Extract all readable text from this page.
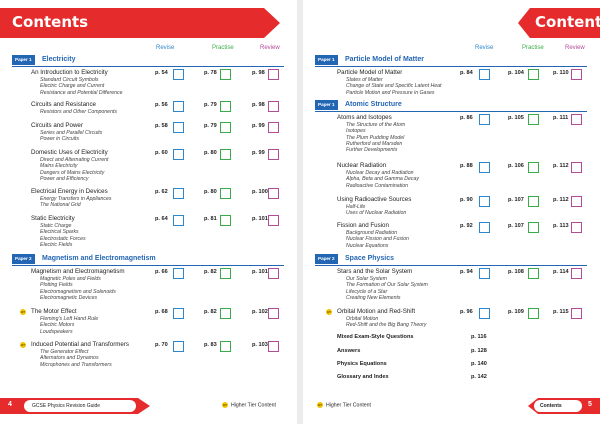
Contents
Revise	Practise	Review
Paper 1	Electricity
Paper 2	Magnetism and Electromagnetism
An Introduction to Electricity
Standard Circuit Symbols
Electric Charge and Current
Resistance and Potential Difference
p. 54	p. 78	p. 98
Circuits and Resistance
Resistors and Other Components
p. 56	p. 79	p. 98
Circuits and Power
Series and Parallel Circuits
Power in Circuits
p. 58	p. 79	p. 99
Domestic Uses of Electricity
Direct and Alternating Current
Mains Electricity
Dangers of Mains Electricity
Power and Efficiency
p. 60	p. 80	p. 99
Electrical Energy in Devices
Energy Transfers in Appliances
The National Grid
p. 62	p. 80	p. 100
Static Electricity
Static Charge
Electrical Sparks
Electrostatic Forces
Electric Fields
p. 64	p. 81	p. 101
Magnetism and Electromagnetism
Magnetic Poles and Fields
Plotting Fields
Electromagnetism and Solenoids
Electromagnetic Devices
p. 66	p. 82	p. 101
HT The Motor Effect
Fleming’s Left Hand Rule
Electric Motors
Loudspeakers
p. 68	p. 82	p. 102
HT Induced Potential and Transformers
The Generator Effect
Alternators and Dynamos
Microphones and Transformers
p. 70	p. 83	p. 103
4	GCSE Physics Revision Guide	HT Higher Tier Content
Contents
Revise	Practise	Review
Paper 1	Particle Model of Matter
Paper 1	Atomic Structure
Paper 2	Space Physics
Particle Model of Matter
States of Matter
Change of State and Specific Latent Heat
Particle Motion and Pressure in Gases
p. 84	p. 104	p. 110
Atoms and Isotopes
The Structure of the Atom
Isotopes
The Plum Pudding Model
Rutherford and Marsden
Further Developments
p. 86	p. 105	p. 111
Nuclear Radiation
Nuclear Decay and Radiation
Alpha, Beta and Gamma Decay
Radioactive Contamination
p. 88	p. 106	p. 112
Using Radioactive Sources
Half-Life
Uses of Nuclear Radiation
p. 90	p. 107	p. 112
Fission and Fusion
Background Radiation
Nuclear Fission and Fusion
Nuclear Equations
p. 92	p. 107	p. 113
Stars and the Solar System
Our Solar System
The Formation of Our Solar System
Lifecycle of a Star
Creating New Elements
p. 94	p. 108	p. 114
HT Orbital Motion and Red-Shift
Orbital Motion
Red-Shift and the Big Bang Theory
p. 96	p. 109	p. 115
Mixed Exam-Style Questions	p. 116
Answers	p. 128
Physics Equations	p. 140
Glossary and Index	p. 142
HT Higher Tier Content	Contents	5
